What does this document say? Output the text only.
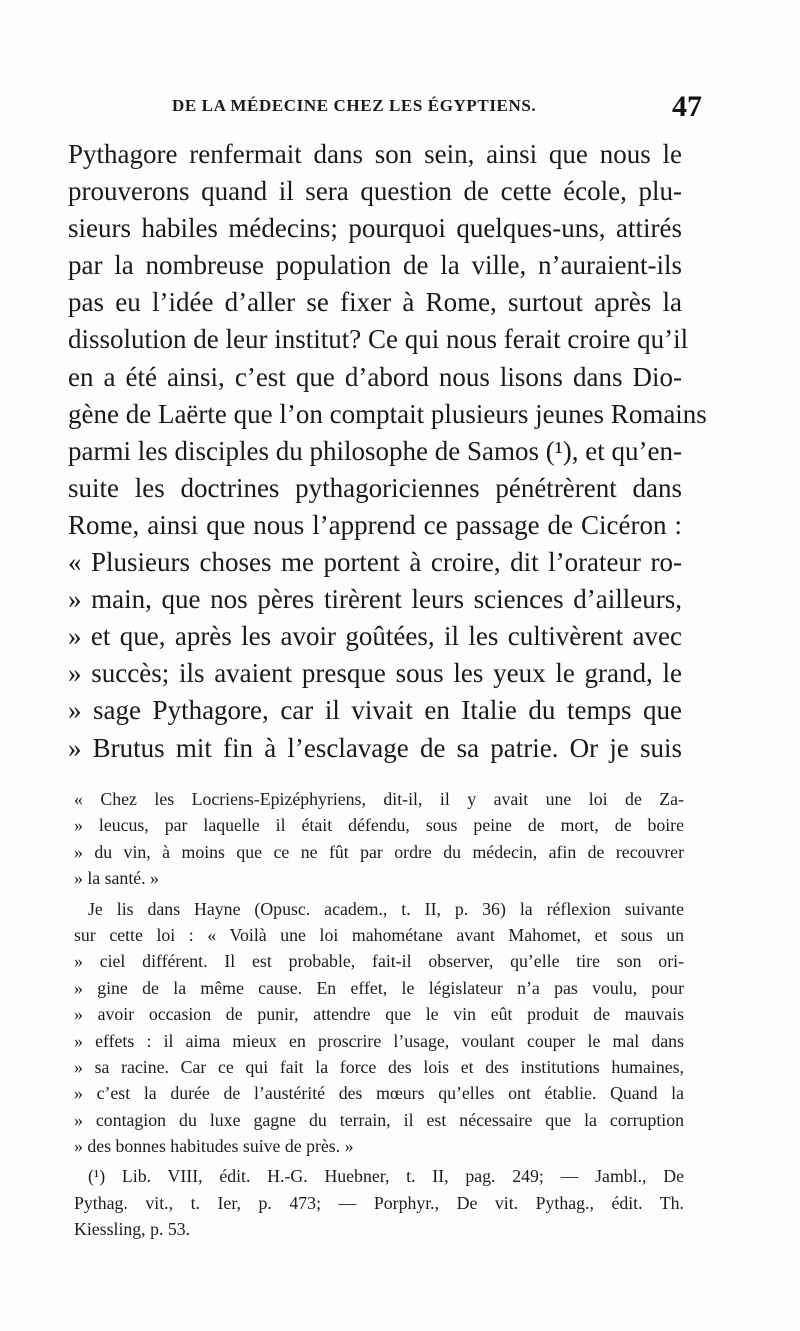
DE LA MÉDECINE CHEZ LES ÉGYPTIENS.	47
Pythagore renfermait dans son sein, ainsi que nous le
prouverons quand il sera question de cette école, plu-
sieurs habiles médecins; pourquoi quelques-uns, attirés
par la nombreuse population de la ville, n’auraient-ils
pas eu l’idée d’aller se fixer à Rome, surtout après la
dissolution de leur institut? Ce qui nous ferait croire qu’il
en a été ainsi, c’est que d’abord nous lisons dans Dio-
gène de Laërte que l’on comptait plusieurs jeunes Romains
parmi les disciples du philosophe de Samos (¹), et qu’en-
suite les doctrines pythagoriciennes pénétrèrent dans
Rome, ainsi que nous l’apprend ce passage de Cicéron :
« Plusieurs choses me portent à croire, dit l’orateur ro-
» main, que nos pères tirèrent leurs sciences d’ailleurs,
» et que, après les avoir goûtées, il les cultivèrent avec
» succès; ils avaient presque sous les yeux le grand, le
» sage Pythagore, car il vivait en Italie du temps que
» Brutus mit fin à l’esclavage de sa patrie. Or je suis
« Chez les Locriens-Epizéphyriens, dit-il, il y avait une loi de Za-
» leucus, par laquelle il était défendu, sous peine de mort, de boire
» du vin, à moins que ce ne fût par ordre du médecin, afin de recouvrer
» la santé. »
Je lis dans Hayne (Opusc. academ., t. II, p. 36) la réflexion suivante
sur cette loi : « Voilà une loi mahométane avant Mahomet, et sous un
» ciel différent. Il est probable, fait-il observer, qu’elle tire son ori-
» gine de la même cause. En effet, le législateur n’a pas voulu, pour
» avoir occasion de punir, attendre que le vin eût produit de mauvais
» effets : il aima mieux en proscrire l’usage, voulant couper le mal dans
» sa racine. Car ce qui fait la force des lois et des institutions humaines,
» c’est la durée de l’austérité des mœurs qu’elles ont établie. Quand la
» contagion du luxe gagne du terrain, il est nécessaire que la corruption
» des bonnes habitudes suive de près. »
(¹) Lib. VIII, édit. H.-G. Huebner, t. II, pag. 249; — Jambl., De
Pythag. vit., t. Ier, p. 473; — Porphyr., De vit. Pythag., édit. Th.
Kiessling, p. 53.
